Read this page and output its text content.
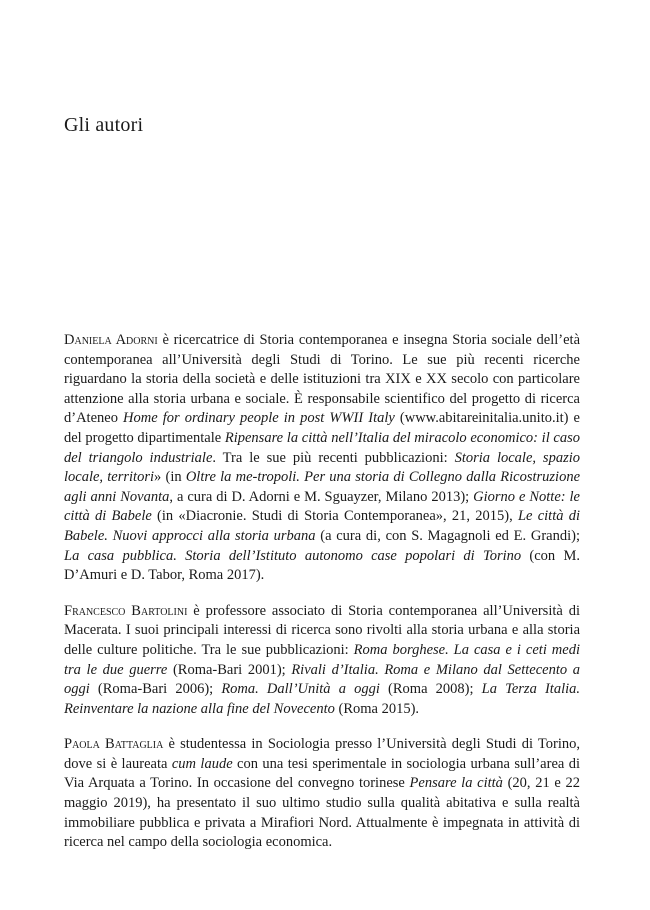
Gli autori

Daniela Adorni è ricercatrice di Storia contemporanea e insegna Storia sociale dell’età contemporanea all’Università degli Studi di Torino. Le sue più recenti ricerche riguardano la storia della società e delle istituzioni tra XIX e XX secolo con particolare attenzione alla storia urbana e sociale. È responsabile scientifico del progetto di ricerca d’Ateneo Home for ordinary people in post WWII Italy (www.abitareinitalia.unito.it) e del progetto dipartimentale Ripensare la città nell’Italia del miracolo economico: il caso del triangolo industriale. Tra le sue più recenti pubblicazioni: Storia locale, spazio locale, territori» (in Oltre la me-tropoli. Per una storia di Collegno dalla Ricostruzione agli anni Novanta, a cura di D. Adorni e M. Sguayzer, Milano 2013); Giorno e Notte: le città di Babele (in «Diacronie. Studi di Storia Contemporanea», 21, 2015), Le città di Babele. Nuovi approcci alla storia urbana (a cura di, con S. Magagnoli ed E. Grandi); La casa pubblica. Storia dell’Istituto autonomo case popolari di Torino (con M. D’Amuri e D. Tabor, Roma 2017).

Francesco Bartolini è professore associato di Storia contemporanea all’Università di Macerata. I suoi principali interessi di ricerca sono rivolti alla storia urbana e alla storia delle culture politiche. Tra le sue pubblicazioni: Roma borghese. La casa e i ceti medi tra le due guerre (Roma-Bari 2001); Rivali d’Italia. Roma e Milano dal Settecento a oggi (Roma-Bari 2006); Roma. Dall’Unità a oggi (Roma 2008); La Terza Italia. Reinventare la nazione alla fine del Novecento (Roma 2015).

Paola Battaglia è studentessa in Sociologia presso l’Università degli Studi di Torino, dove si è laureata cum laude con una tesi sperimentale in sociologia urbana sull’area di Via Arquata a Torino. In occasione del convegno torinese Pensare la città (20, 21 e 22 maggio 2019), ha presentato il suo ultimo studio sulla qualità abitativa e sulla realtà immobiliare pubblica e privata a Mirafiori Nord. Attualmente è impegnata in attività di ricerca nel campo della sociologia economica.
